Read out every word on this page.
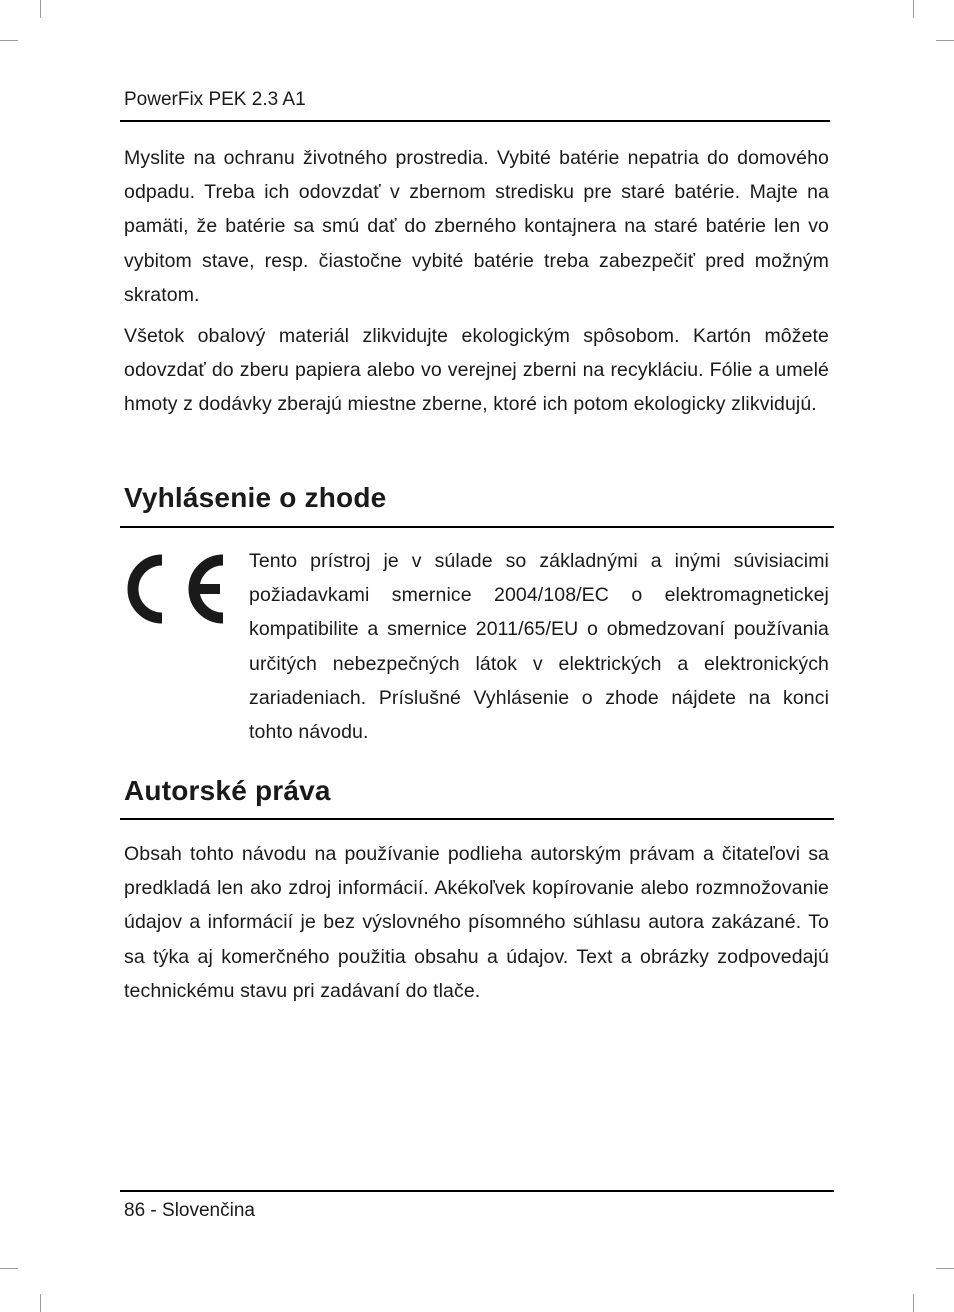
PowerFix PEK 2.3 A1

Myslite na ochranu životného prostredia. Vybité batérie nepatria do domového odpadu. Treba ich odovzdať v zbernom stredisku pre staré batérie. Majte na pamäti, že batérie sa smú dať do zberného kontajnera na staré batérie len vo vybitom stave, resp. čiastočne vybité batérie treba zabezpečiť pred možným skratom.

Všetok obalový materiál zlikvidujte ekologickým spôsobom. Kartón môžete odovzdať do zberu papiera alebo vo verejnej zberni na recykláciu. Fólie a umelé hmoty z dodávky zberajú miestne zberne, ktoré ich potom ekologicky zlikvidujú.

Vyhlásenie o zhode

Tento prístroj je v súlade so základnými a inými súvisiacimi požiadavkami smernice 2004/108/EC o elektromagnetickej kompatibilite a smernice 2011/65/EU o obmedzovaní používania určitých nebezpečných látok v elektrických a elektronických zariadeniach. Príslušné Vyhlásenie o zhode nájdete na konci tohto návodu.

Autorské práva

Obsah tohto návodu na používanie podlieha autorským právam a čitateľovi sa predkladá len ako zdroj informácií. Akékoľvek kopírovanie alebo rozmnožovanie údajov a informácií je bez výslovného písomného súhlasu autora zakázané. To sa týka aj komerčného použitia obsahu a údajov. Text a obrázky zodpovedajú technickému stavu pri zadávaní do tlače.

86 - Slovenčina
